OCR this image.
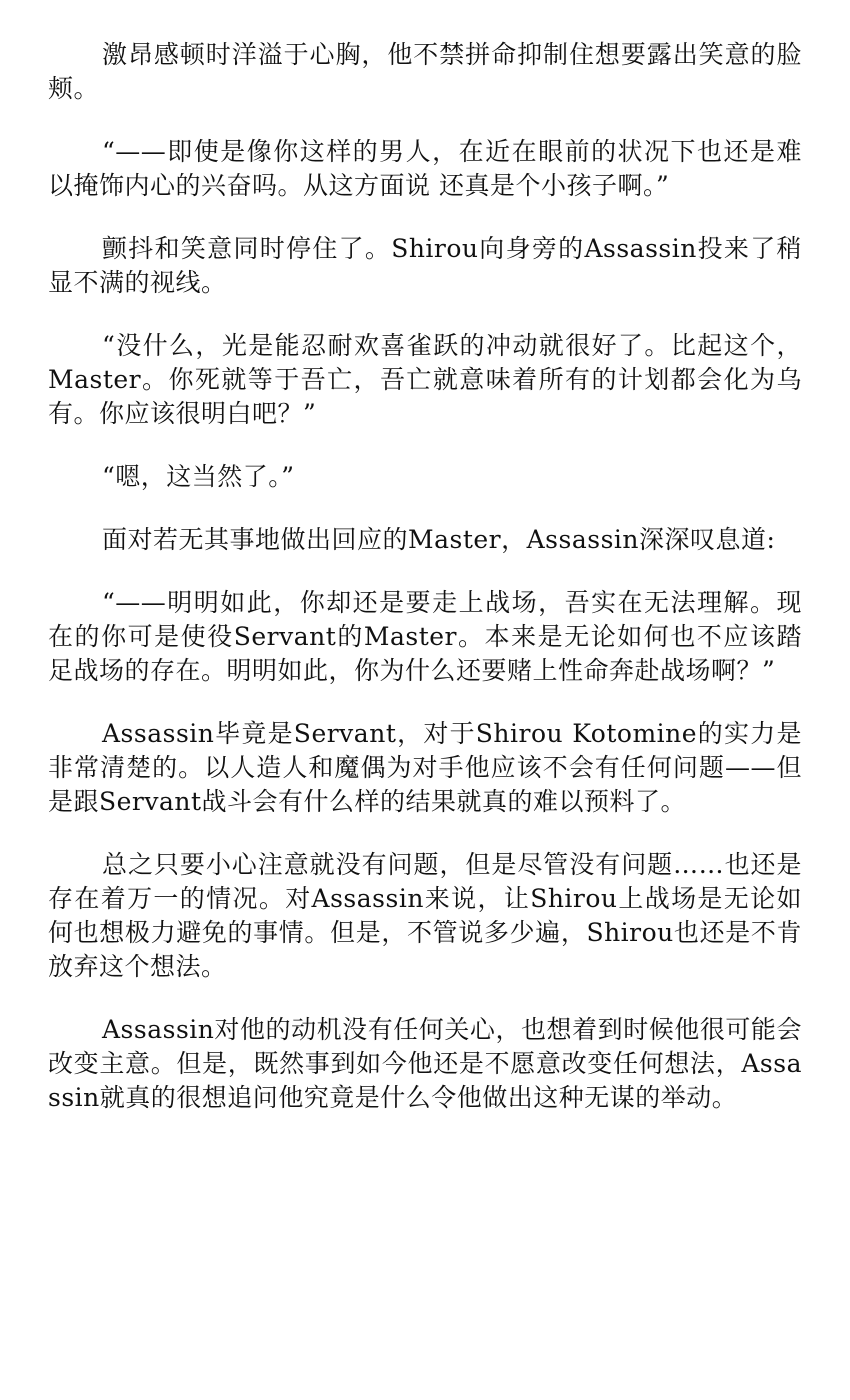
激昂感顿时洋溢于心胸，他不禁拼命抑制住想要露出笑意的脸颊。

“——即使是像你这样的男人，在近在眼前的状况下也还是难以掩饰内心的兴奋吗。从这方面说 还真是个小孩子啊。”

颤抖和笑意同时停住了。Shirou向身旁的Assassin投来了稍显不满的视线。

“没什么，光是能忍耐欢喜雀跃的冲动就很好了。比起这个，Master。你死就等于吾亡，吾亡就意味着所有的计划都会化为乌有。你应该很明白吧？”

“嗯，这当然了。”

面对若无其事地做出回应的Master，Assassin深深叹息道:

“——明明如此，你却还是要走上战场，吾实在无法理解。现在的你可是使役Servant的Master。本来是无论如何也不应该踏足战场的存在。明明如此，你为什么还要赌上性命奔赴战场啊？”

Assassin毕竟是Servant，对于Shirou Kotomine的实力是非常清楚的。以人造人和魔偶为对手他应该不会有任何问题——但是跟Servant战斗会有什么样的结果就真的难以预料了。

总之只要小心注意就没有问题，但是尽管没有问题……也还是存在着万一的情况。对Assassin来说，让Shirou上战场是无论如何也想极力避免的事情。但是，不管说多少遍，Shirou也还是不肯放弃这个想法。

Assassin对他的动机没有任何关心，也想着到时候他很可能会改变主意。但是，既然事到如今他还是不愿意改变任何想法，Assassin就真的很想追问他究竟是什么令他做出这种无谋的举动。
